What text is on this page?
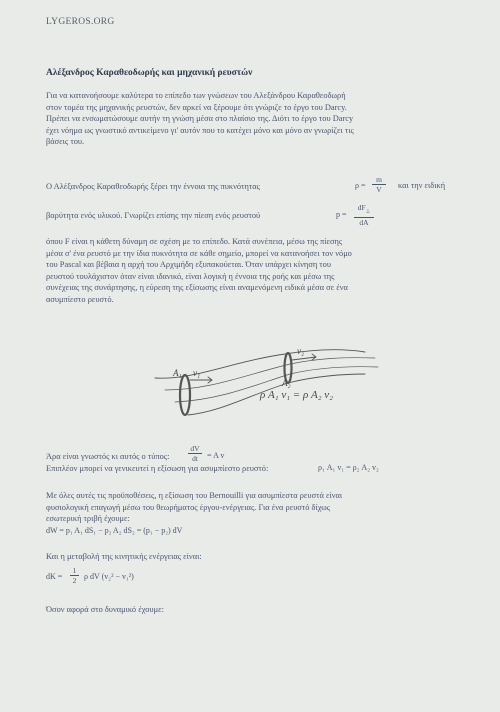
LYGEROS.ORG
Αλέξανδρος Καραθεοδωρής και μηχανική ρευστών
Για να κατανοήσουμε καλύτερα το επίπεδο των γνώσεων του Αλεξάνδρου Καραθεοδωρή
στον τομέα της μηχανικής ρευστών, δεν αρκεί να ξέρουμε ότι γνώριζε το έργο του Darcy.
Πρέπει να ενσωματώσουμε αυτήν τη γνώση μέσα στο πλαίσιο της. Διότι το έργο του Darcy
έχει νόημα ως γνωστικό αντικείμενο γι' αυτόν που το κατέχει μόνο και μόνο αν γνωρίζει τις
βάσεις του.
Ο Αλέξανδρος Καραθεοδωρής ξέρει την έννοια της πυκνότητας	$\rho = \frac{m}{V}$ και την ειδική
βαρύτητα ενός υλικού. Γνωρίζει επίσης την πίεση ενός ρευστού	$p = \frac{dF_\perp}{dA}$
όπου F είναι η κάθετη δύναμη σε σχέση με το επίπεδο. Κατά συνέπεια, μέσω της πίεσης
μέσα σ' ένα ρευστό με την ίδια πυκνότητα σε κάθε σημείο, μπορεί να κατανοήσει τον νόμο
του Pascal και βέβαια η αρχή του Αρχιμήδη εξυπακούεται. Όταν υπάρχει κίνηση του
ρευστού τουλάχιστον όταν είναι ιδανικό, είναι λογική η έννοια της ροής και μέσω της
συνέχειας της συνάρτησης, η εύρεση της εξίσωσης είναι αναμενόμενη ειδικά μέσα σε ένα
ασυμπίεστο ρευστό.
A₁ v₁
A₂
v₂
ρ A₁ v₁ = ρ A₂ v₂
Άρα είναι γνωστός κι αυτός ο τύπος: $\frac{dV}{dt} = A$ v
Επιπλέον μπορεί να γενικευτεί η εξίσωση για ασυμπίεστο ρευστό:	ρ₁ A₁ v₁ = ρ₂ A₂ v₂
Με όλες αυτές τις προϋποθέσεις, η εξίσωση του Bernouilli για ασυμπίεστα ρευστά είναι
φυσιολογική επαγωγή μέσω του θεωρήματος έργου-ενέργειας. Για ένα ρευστό δίχως
εσωτερική τριβή έχουμε:
dW = p₁ A₁ dS₁ − p₂ A₂ dS₂ = (p₁ − p₂) dV
Και η μεταβολή της κινητικής ενέργειας είναι:
dK = $\frac{1}{2}$ ρ dV (v₂² − v₁²)
Όσον αφορά στο δυναμικό έχουμε:
